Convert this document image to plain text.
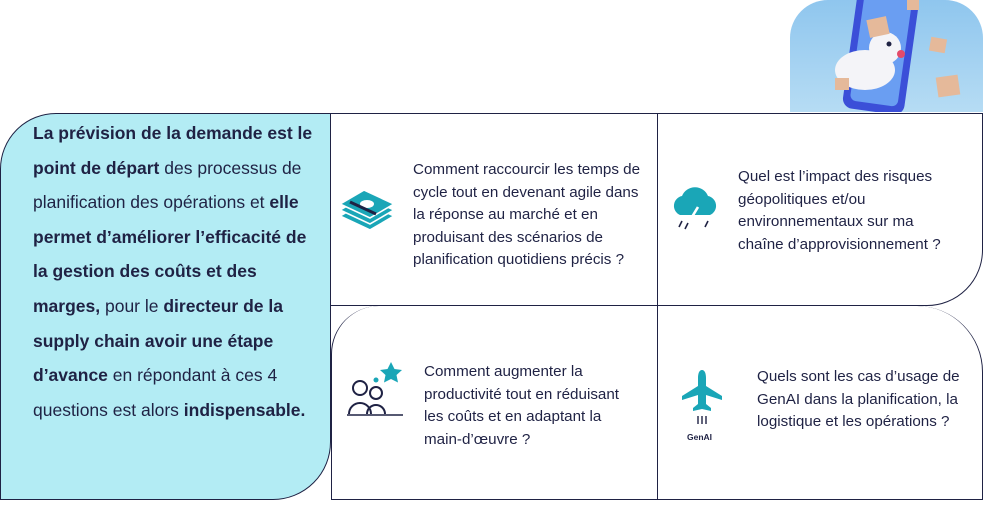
La prévision de la demande est le point de départ des processus de planification des opérations et elle permet d’améliorer l’efficacité de la gestion des coûts et des marges, pour le directeur de la supply chain avoir une étape d’avance en répondant à ces 4 questions est alors indispensable.

Comment raccourcir les temps de cycle tout en devenant agile dans la réponse au marché et en produisant des scénarios de planification quotidiens précis ?

Quel est l’impact des risques géopolitiques et/ou environnementaux sur ma chaîne d’approvisionnement ?

Comment augmenter la productivité tout en réduisant les coûts et en adaptant la main-d’œuvre ?	GenAI

Quels sont les cas d’usage de GenAI dans la planification, la logistique et les opérations ?
